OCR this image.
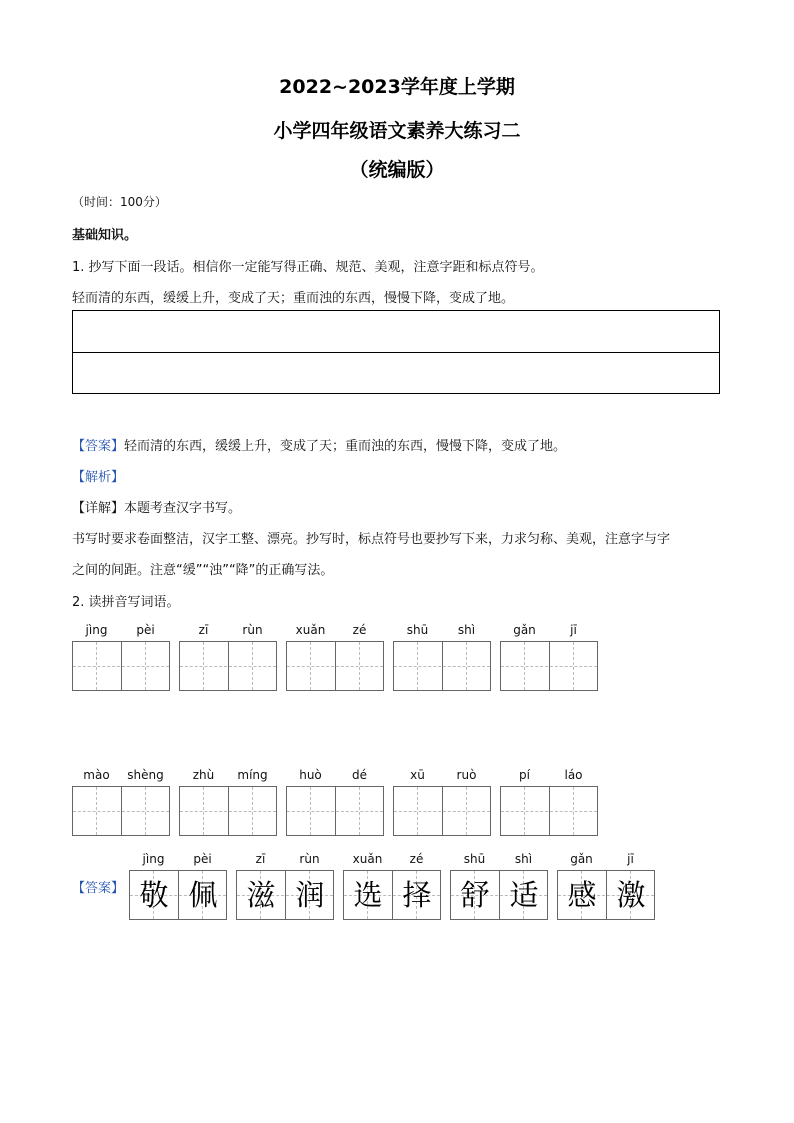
2022~2023学年度上学期
小学四年级语文素养大练习二
（统编版）
（时间：100分）
基础知识。
1. 抄写下面一段话。相信你一定能写得正确、规范、美观，注意字距和标点符号。
轻而清的东西，缓缓上升，变成了天；重而浊的东西，慢慢下降，变成了地。
【答案】轻而清的东西，缓缓上升，变成了天；重而浊的东西，慢慢下降，变成了地。
【解析】
【详解】本题考查汉字书写。
书写时要求卷面整洁，汉字工整、漂亮。抄写时，标点符号也要抄写下来，力求匀称、美观，注意字与字
之间的间距。注意“缓”“浊”“降”的正确写法。
2. 读拼音写词语。
jìng	pèi	zī	rùn	xuǎn	zé	shū	shì	gǎn	jī
mào	shèng	zhù	míng	huò	dé	xū	ruò	pí	láo
【答案】
jìng	pèi
敬 佩
zī	rùn
滋 润
xuǎn	zé
选 择
shū	shì
舒 适
gǎn	jī
感 激
